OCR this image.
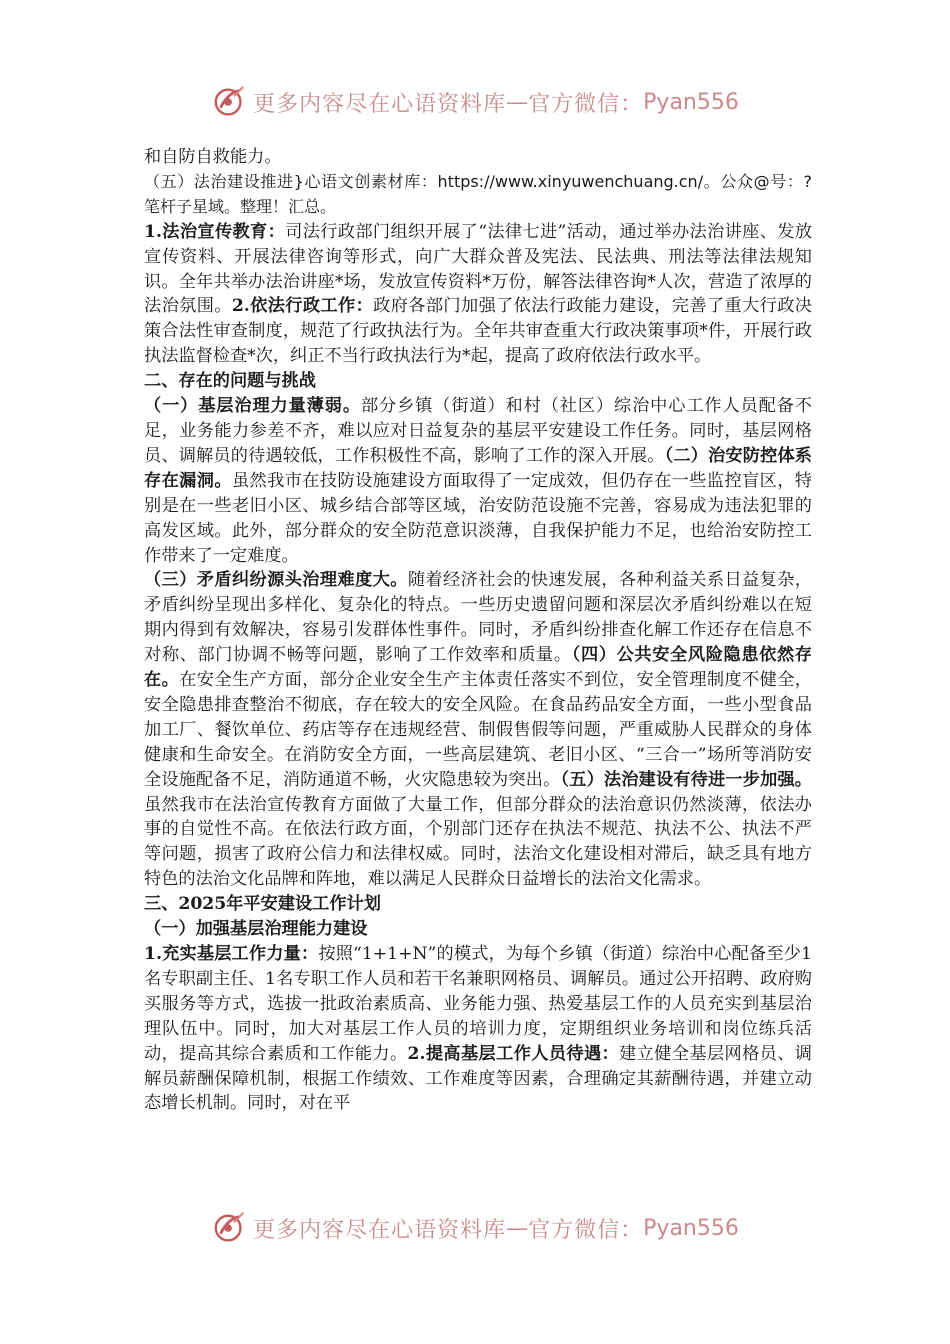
更多内容尽在心语资料库 — 官方微信： Pyan556

和自防自救能力。

（五）法治建设推进}心语文创素材库：https://www.xinyuwenchuang.cn/。公众@号：?笔杆子星域。整理！汇总。

1.法治宣传教育：司法行政部门组织开展了“法律七进”活动，通过举办法治讲座、发放宣传资料、开展法律咨询等形式，向广大群众普及宪法、民法典、刑法等法律法规知识。全年共举办法治讲座*场，发放宣传资料*万份，解答法律咨询*人次，营造了浓厚的法治氛围。2.依法行政工作：政府各部门加强了依法行政能力建设，完善了重大行政决策合法性审查制度，规范了行政执法行为。全年共审查重大行政决策事项*件，开展行政执法监督检查*次，纠正不当行政执法行为*起，提高了政府依法行政水平。

二、存在的问题与挑战

（一）基层治理力量薄弱。部分乡镇（街道）和村（社区）综治中心工作人员配备不足，业务能力参差不齐，难以应对日益复杂的基层平安建设工作任务。同时，基层网格员、调解员的待遇较低，工作积极性不高，影响了工作的深入开展。（二）治安防控体系存在漏洞。虽然我市在技防设施建设方面取得了一定成效，但仍存在一些监控盲区，特别是在一些老旧小区、城乡结合部等区域，治安防范设施不完善，容易成为违法犯罪的高发区域。此外，部分群众的安全防范意识淡薄，自我保护能力不足，也给治安防控工作带来了一定难度。

（三）矛盾纠纷源头治理难度大。随着经济社会的快速发展，各种利益关系日益复杂，矛盾纠纷呈现出多样化、复杂化的特点。一些历史遗留问题和深层次矛盾纠纷难以在短期内得到有效解决，容易引发群体性事件。同时，矛盾纠纷排查化解工作还存在信息不对称、部门协调不畅等问题，影响了工作效率和质量。（四）公共安全风险隐患依然存在。在安全生产方面，部分企业安全生产主体责任落实不到位，安全管理制度不健全，安全隐患排查整治不彻底，存在较大的安全风险。在食品药品安全方面，一些小型食品加工厂、餐饮单位、药店等存在违规经营、制假售假等问题，严重威胁人民群众的身体健康和生命安全。在消防安全方面，一些高层建筑、老旧小区、“三合一”场所等消防安全设施配备不足，消防通道不畅，火灾隐患较为突出。（五）法治建设有待进一步加强。虽然我市在法治宣传教育方面做了大量工作，但部分群众的法治意识仍然淡薄，依法办事的自觉性不高。在依法行政方面，个别部门还存在执法不规范、执法不公、执法不严等问题，损害了政府公信力和法律权威。同时，法治文化建设相对滞后，缺乏具有地方特色的法治文化品牌和阵地，难以满足人民群众日益增长的法治文化需求。

三、2025年平安建设工作计划

（一）加强基层治理能力建设

1.充实基层工作力量：按照“1+1+N”的模式，为每个乡镇（街道）综治中心配备至少1名专职副主任、1名专职工作人员和若干名兼职网格员、调解员。通过公开招聘、政府购买服务等方式，选拔一批政治素质高、业务能力强、热爱基层工作的人员充实到基层治理队伍中。同时，加大对基层工作人员的培训力度，定期组织业务培训和岗位练兵活动，提高其综合素质和工作能力。2.提高基层工作人员待遇：建立健全基层网格员、调解员薪酬保障机制，根据工作绩效、工作难度等因素，合理确定其薪酬待遇，并建立动态增长机制。同时，对在平

更多内容尽在心语资料库 — 官方微信： Pyan556
